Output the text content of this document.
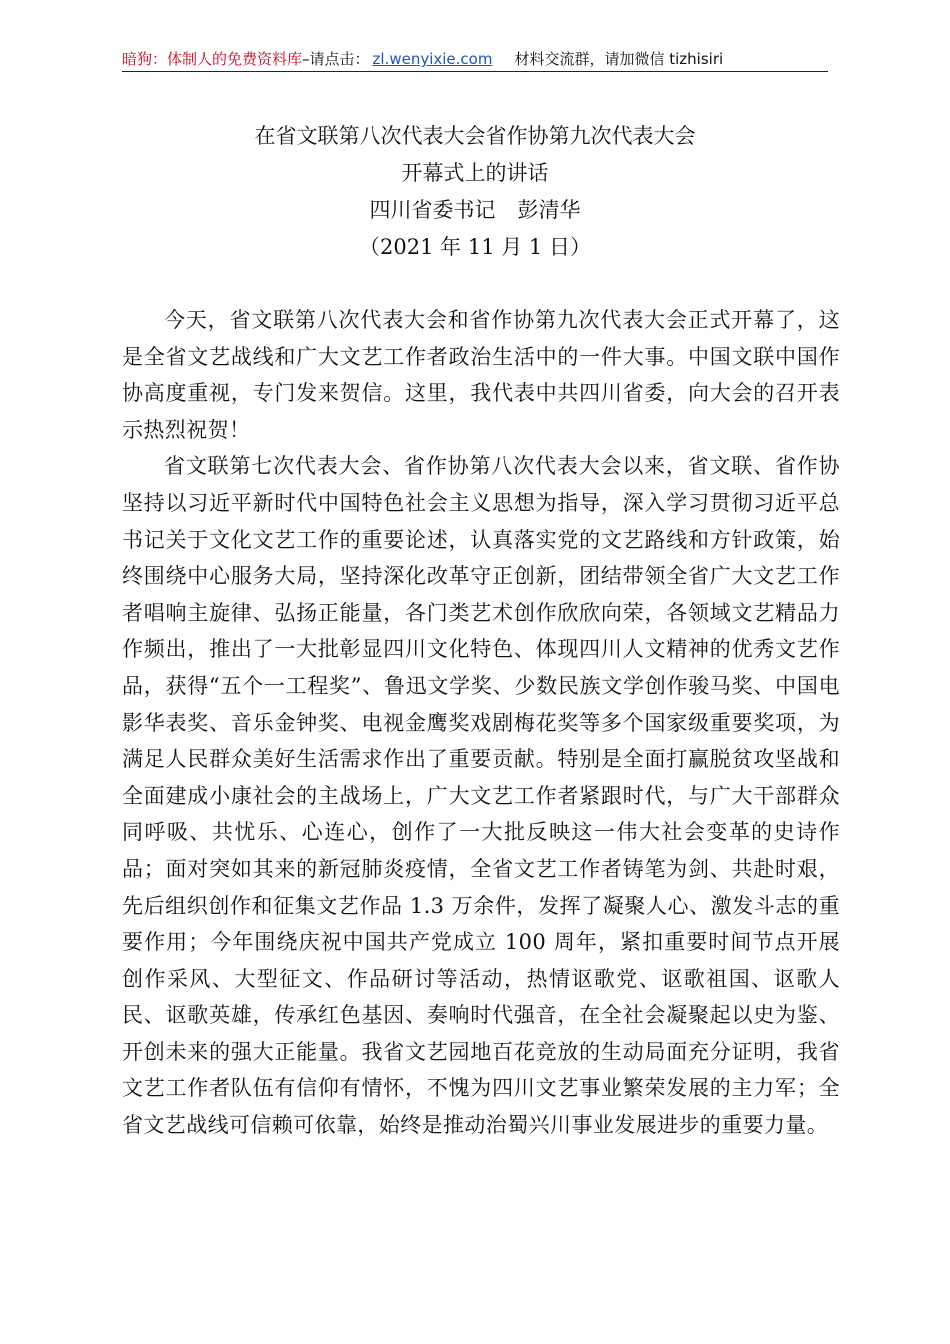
暗狗：体制人的免费资料库–请点击： zl.wenyixie.com 材料交流群，请加微信 tizhisiri
在省文联第八次代表大会省作协第九次代表大会
开幕式上的讲话
四川省委书记 彭清华
（2021 年 11 月 1 日）

今天，省文联第八次代表大会和省作协第九次代表大会正式开幕了，这是全省文艺战线和广大文艺工作者政治生活中的一件大事。中国文联中国作协高度重视，专门发来贺信。这里，我代表中共四川省委，向大会的召开表示热烈祝贺！

省文联第七次代表大会、省作协第八次代表大会以来，省文联、省作协坚持以习近平新时代中国特色社会主义思想为指导，深入学习贯彻习近平总书记关于文化文艺工作的重要论述，认真落实党的文艺路线和方针政策，始终围绕中心服务大局，坚持深化改革守正创新，团结带领全省广大文艺工作者唱响主旋律、弘扬正能量，各门类艺术创作欣欣向荣，各领域文艺精品力作频出，推出了一大批彰显四川文化特色、体现四川人文精神的优秀文艺作品，获得“五个一工程奖”、鲁迅文学奖、少数民族文学创作骏马奖、中国电影华表奖、音乐金钟奖、电视金鹰奖戏剧梅花奖等多个国家级重要奖项，为满足人民群众美好生活需求作出了重要贡献。特别是全面打赢脱贫攻坚战和全面建成小康社会的主战场上，广大文艺工作者紧跟时代，与广大干部群众同呼吸、共忧乐、心连心，创作了一大批反映这一伟大社会变革的史诗作品；面对突如其来的新冠肺炎疫情，全省文艺工作者铸笔为剑、共赴时艰，先后组织创作和征集文艺作品 1.3 万余件，发挥了凝聚人心、激发斗志的重要作用；今年围绕庆祝中国共产党成立 100 周年，紧扣重要时间节点开展创作采风、大型征文、作品研讨等活动，热情讴歌党、讴歌祖国、讴歌人民、讴歌英雄，传承红色基因、奏响时代强音，在全社会凝聚起以史为鉴、开创未来的强大正能量。我省文艺园地百花竞放的生动局面充分证明，我省文艺工作者队伍有信仰有情怀，不愧为四川文艺事业繁荣发展的主力军；全省文艺战线可信赖可依靠，始终是推动治蜀兴川事业发展进步的重要力量。
